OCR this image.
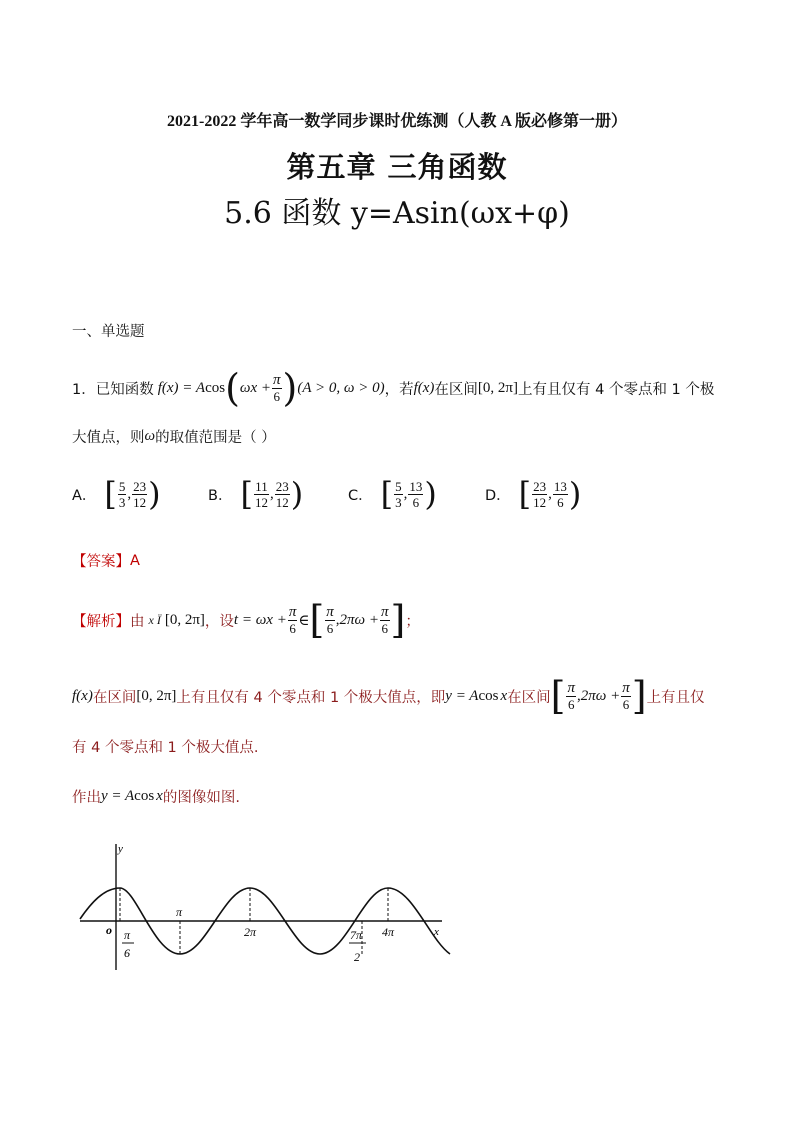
2021-2022 学年高一数学同步课时优练测（人教 A 版必修第一册）
第五章 三角函数
5.6 函数 y=Asin(ωx+φ)
一、单选题
1． 已知函数 f(x) = A cos ( $\omega x + \frac{\pi}{6}$ ) (A > 0, ω > 0) ，若 f(x) 在区间 [0, 2π] 上有且仅有 4 个零点和 1 个极
大值点，则 ω 的取值范围是（ ）
A． [ $\frac{5}{3}$ , $\frac{23}{12}$ )	B． [ $\frac{11}{12}$ , $\frac{23}{12}$ )	C． [ $\frac{5}{3}$ , $\frac{13}{6}$ )	D． [ $\frac{23}{12}$ , $\frac{13}{6}$ )
【答案】 A
【解析】 由 x Ï [0, 2π] ，设 $t = \omega x + \frac{\pi}{6}$ ∈ [ $\frac{\pi}{6}$ , $2\pi\omega + \frac{\pi}{6}$ ] ；
f(x) 在区间 [0, 2π] 上有且仅有 4 个零点和 1 个极大值点，即 y = A cos x 在区间 [ $\frac{\pi}{6}$ , $2\pi\omega + \frac{\pi}{6}$ ] 上有且仅
有 4 个零点和 1 个极大值点.
作出 y = A cos x 的图像如图.
y
x
o
π
2π	4π
π
6
7π
2
